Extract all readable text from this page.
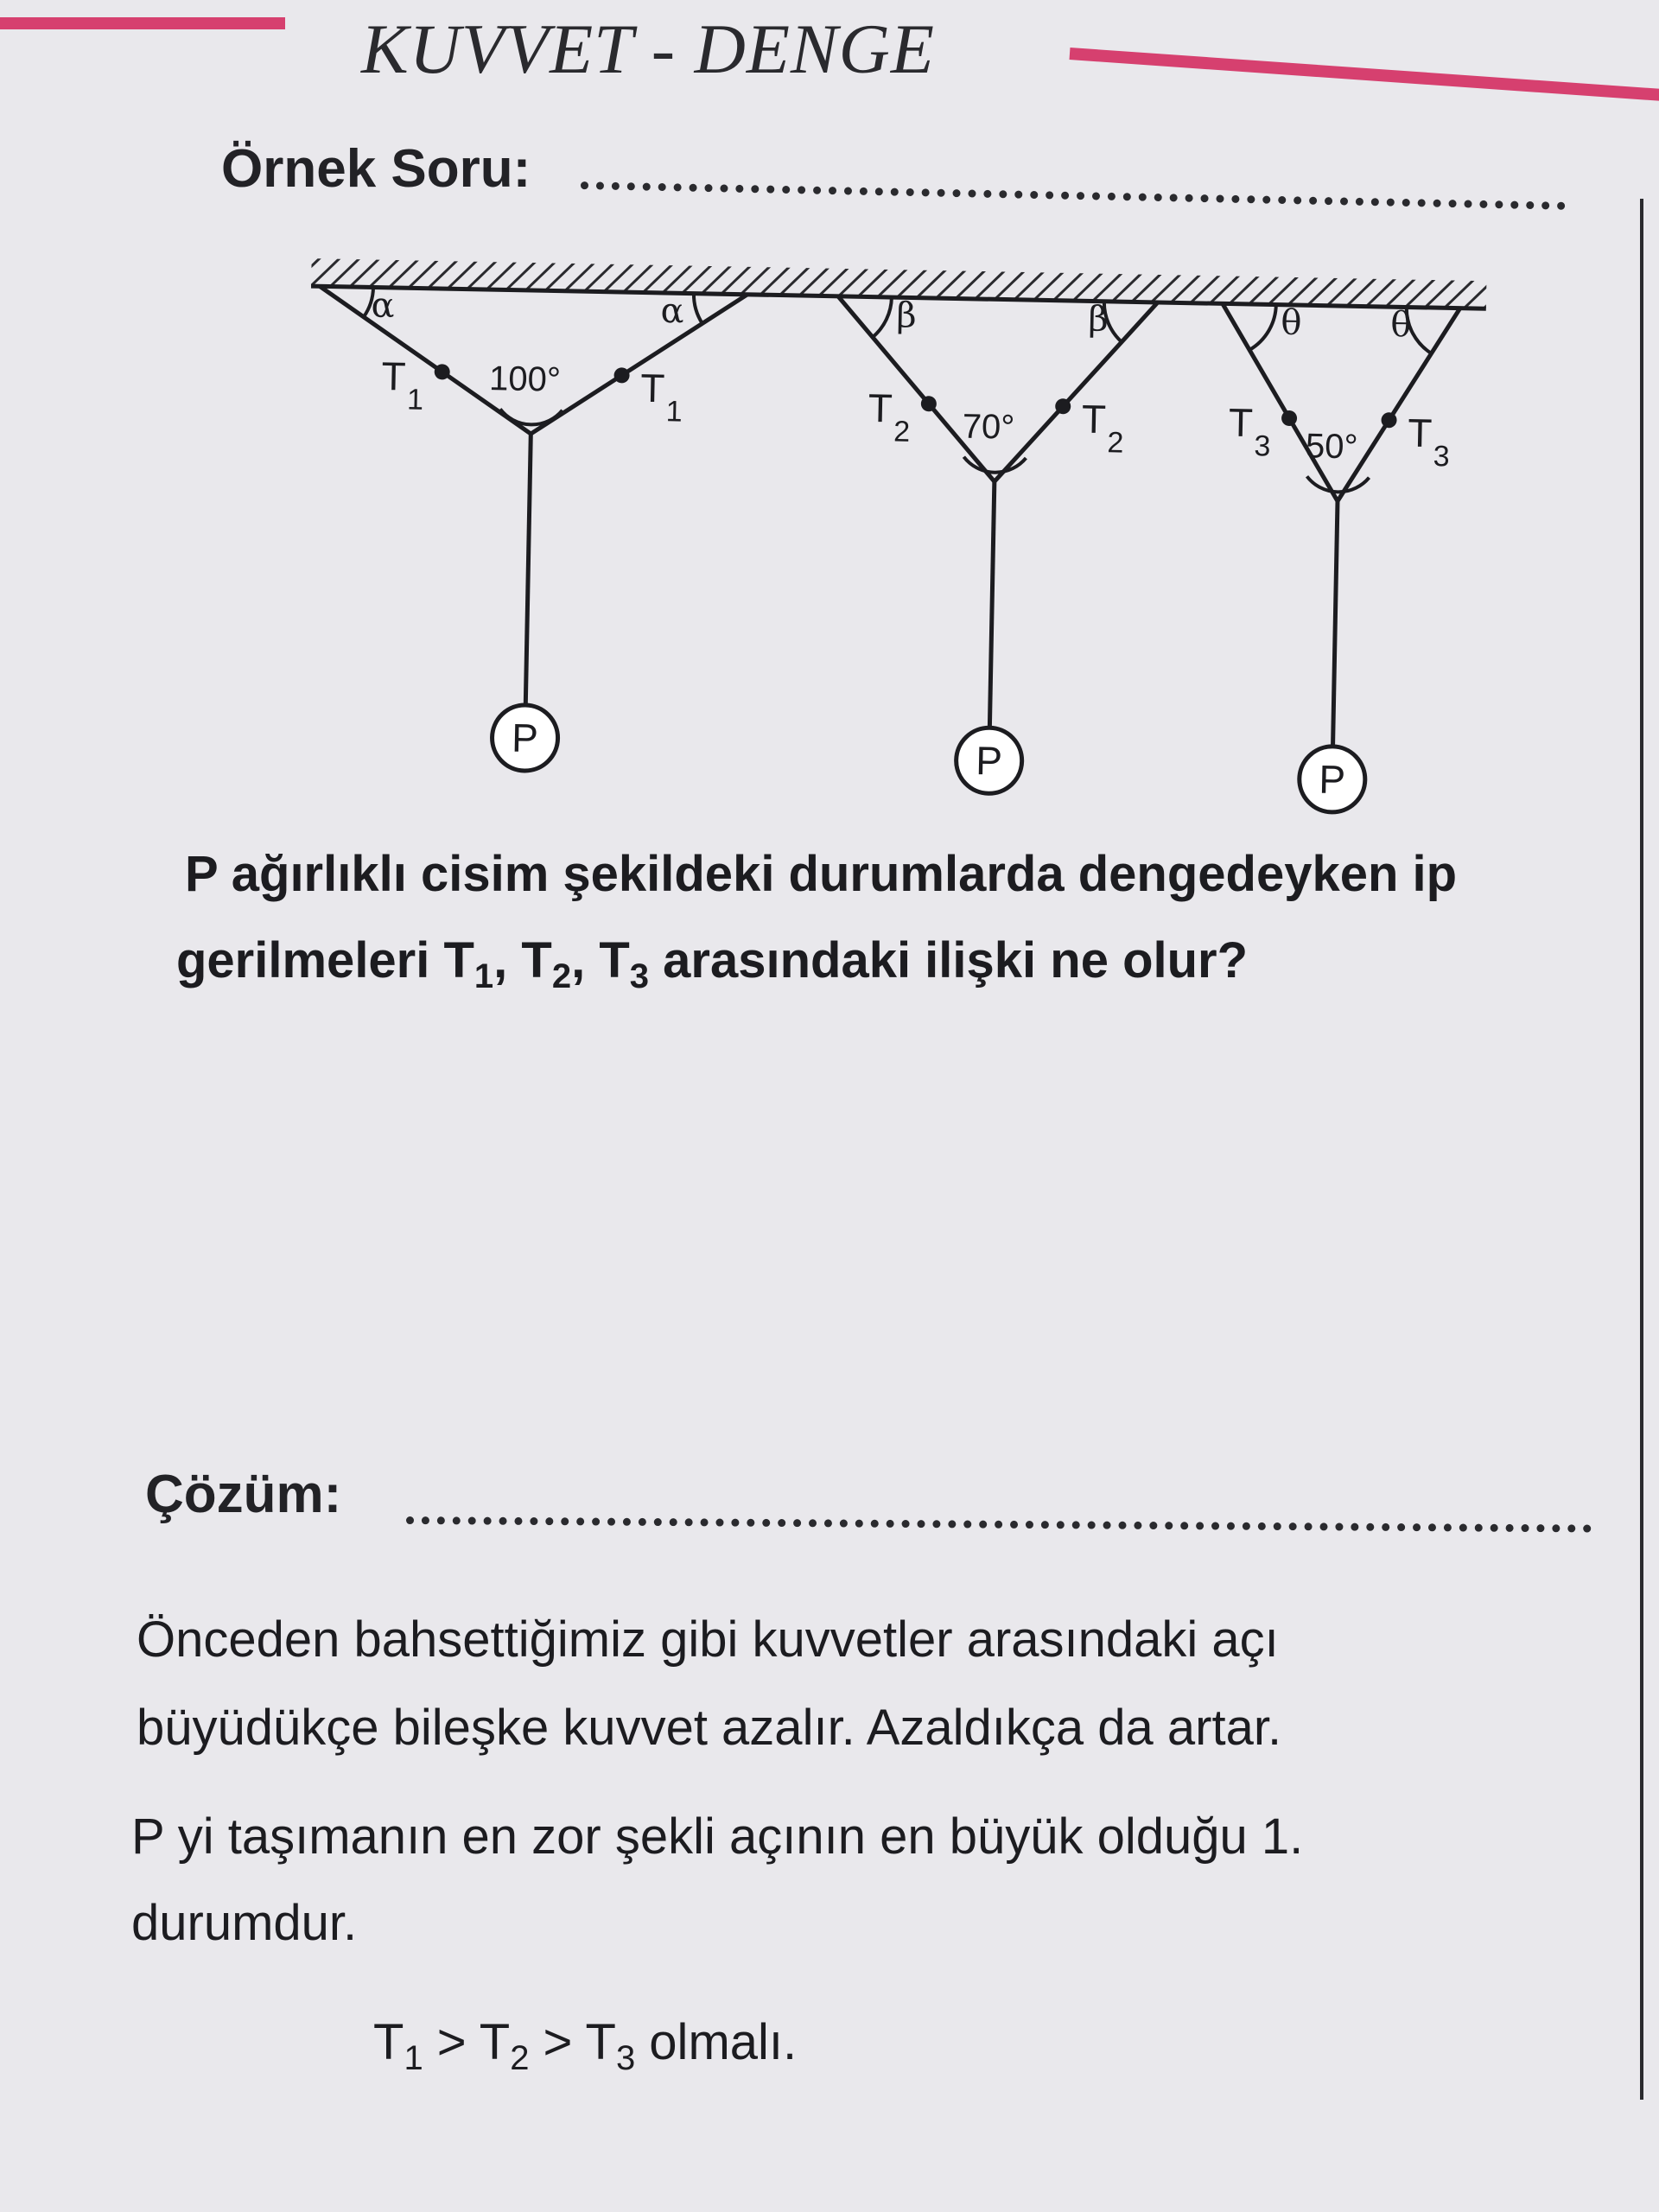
KUVVET - DENGE
Örnek Soru:
α	α
100°
T
1	T
1
P
β	β
70°
T
2	T
2
P
θ	θ
50°
T
3	T
3
P
P ağırlıklı cisim şekildeki durumlarda dengedeyken ip
gerilmeleri $T_1$, $T_2$, $T_3$ arasındaki ilişki ne olur?
Çözüm:
Önceden bahsettiğimiz gibi kuvvetler arasındaki açı
büyüdükçe bileşke kuvvet azalır. Azaldıkça da artar.
P yi taşımanın en zor şekli açının en büyük olduğu 1.
durumdur.
$T_1 > T_2 > T_3$ olmalı.
